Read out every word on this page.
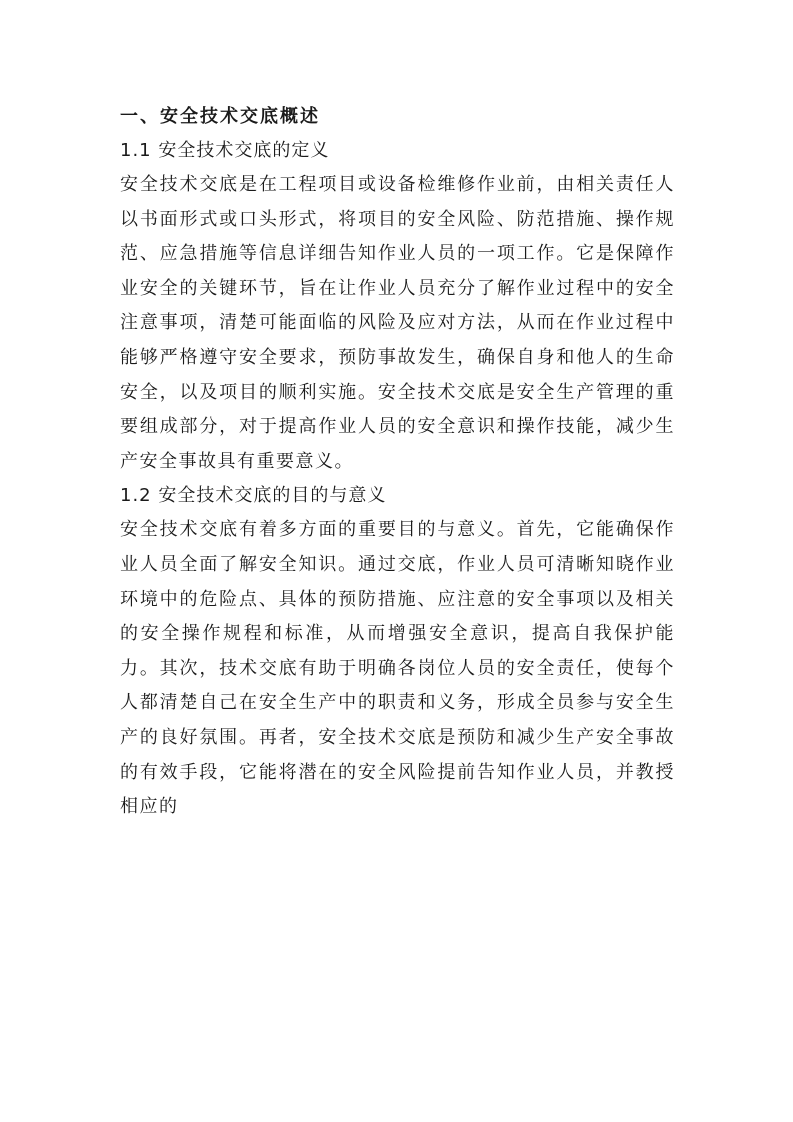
一、安全技术交底概述
1.1 安全技术交底的定义
安全技术交底是在工程项目或设备检维修作业前，由相关责任人以书面形式或口头形式，将项目的安全风险、防范措施、操作规范、应急措施等信息详细告知作业人员的一项工作。它是保障作业安全的关键环节，旨在让作业人员充分了解作业过程中的安全注意事项，清楚可能面临的风险及应对方法，从而在作业过程中能够严格遵守安全要求，预防事故发生，确保自身和他人的生命安全，以及项目的顺利实施。安全技术交底是安全生产管理的重要组成部分，对于提高作业人员的安全意识和操作技能，减少生产安全事故具有重要意义。
1.2 安全技术交底的目的与意义
安全技术交底有着多方面的重要目的与意义。首先，它能确保作业人员全面了解安全知识。通过交底，作业人员可清晰知晓作业环境中的危险点、具体的预防措施、应注意的安全事项以及相关的安全操作规程和标准，从而增强安全意识，提高自我保护能力。其次，技术交底有助于明确各岗位人员的安全责任，使每个人都清楚自己在安全生产中的职责和义务，形成全员参与安全生产的良好氛围。再者，安全技术交底是预防和减少生产安全事故的有效手段，它能将潜在的安全风险提前告知作业人员，并教授相应的
